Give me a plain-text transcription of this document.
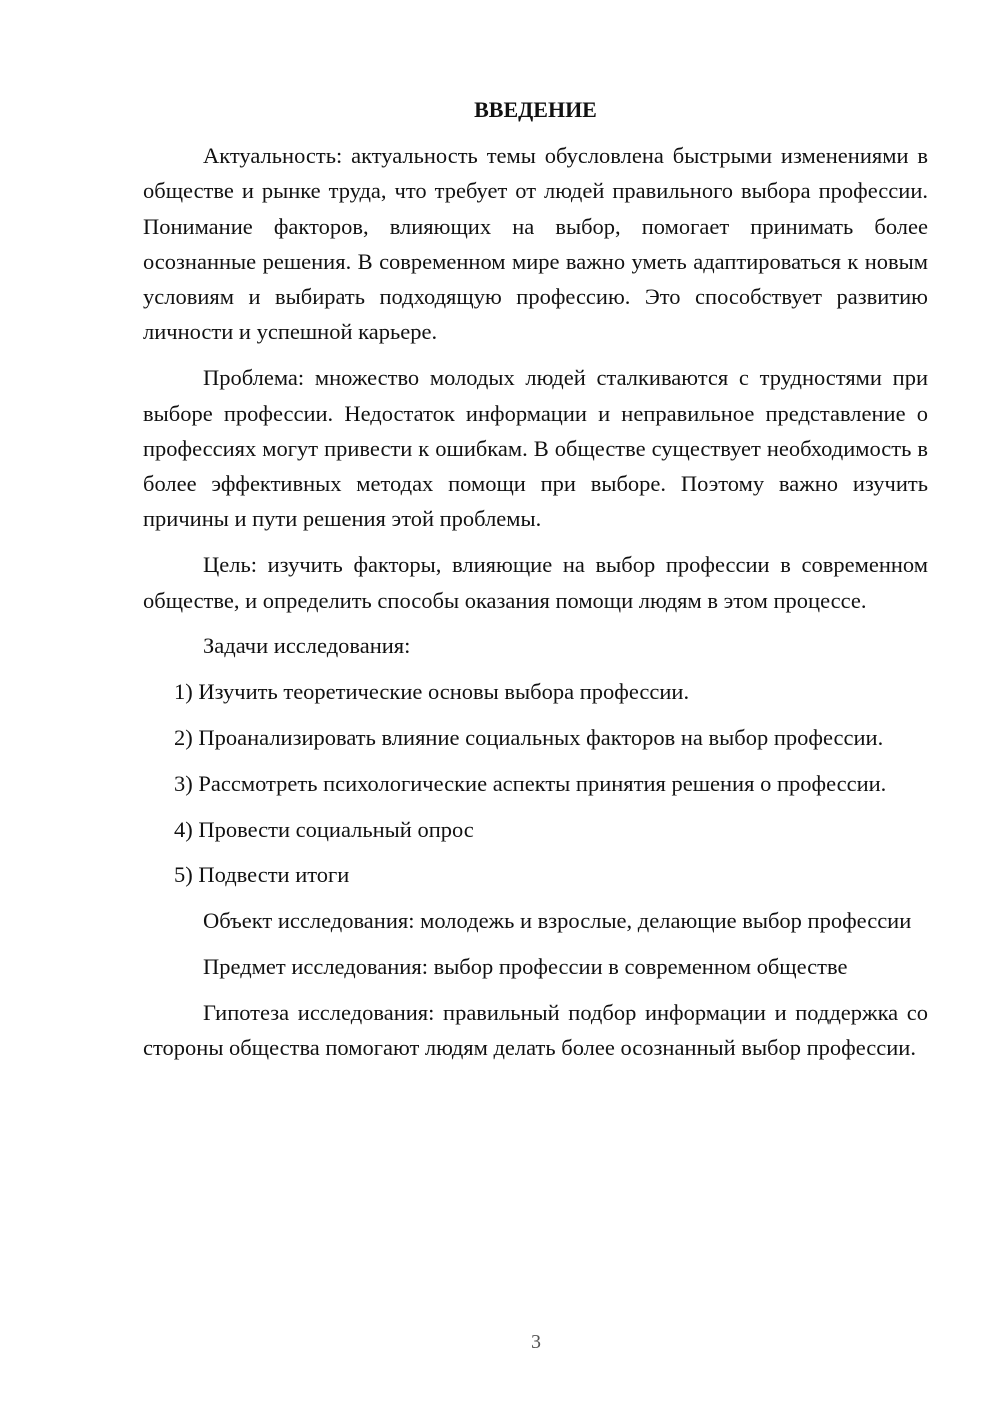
ВВЕДЕНИЕ

Актуальность: актуальность темы обусловлена быстрыми изменениями в обществе и рынке труда, что требует от людей правильного выбора профессии. Понимание факторов, влияющих на выбор, помогает принимать более осознанные решения. В современном мире важно уметь адаптироваться к новым условиям и выбирать подходящую профессию. Это способствует развитию личности и успешной карьере.

Проблема: множество молодых людей сталкиваются с трудностями при выборе профессии. Недостаток информации и неправильное представление о профессиях могут привести к ошибкам. В обществе существует необходимость в более эффективных методах помощи при выборе. Поэтому важно изучить причины и пути решения этой проблемы.

Цель: изучить факторы, влияющие на выбор профессии в современном обществе, и определить способы оказания помощи людям в этом процессе.

Задачи исследования:

1) Изучить теоретические основы выбора профессии.

2) Проанализировать влияние социальных факторов на выбор профессии.

3) Рассмотреть психологические аспекты принятия решения о профессии.

4) Провести социальный опрос

5) Подвести итоги

Объект исследования: молодежь и взрослые, делающие выбор профессии

Предмет исследования: выбор профессии в современном обществе

Гипотеза исследования: правильный подбор информации и поддержка со стороны общества помогают людям делать более осознанный выбор профессии.

3
